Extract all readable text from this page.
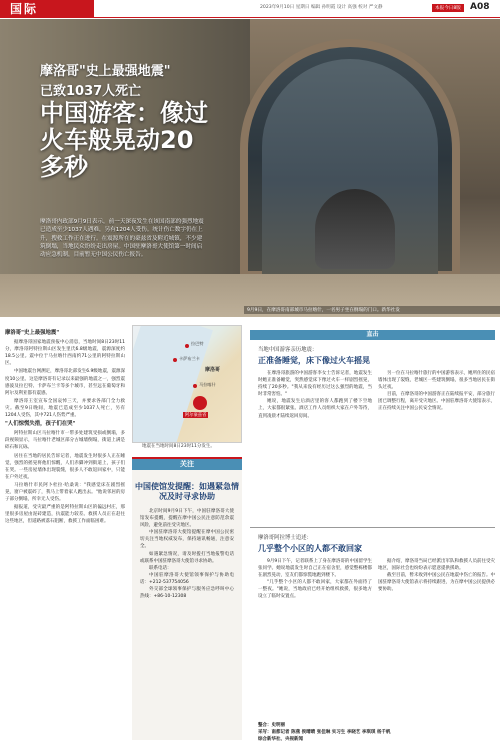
国际	2023年9月10日 星期日 编辑 孙明霞 设计 高强 校对 严文静	本报今日8版	A08
摩洛哥"史上最强地震"
已致1037人死亡
中国游客：像过火车般晃动20多秒
摩洛哥内政部9月9日表示，前一天深夜发生在该国南部的强烈地震已造成至少1037人遇难，另有1204人受伤。统计伤亡数字仍在上升，搜救工作正在进行。在震源所在的豪兹省及附近城镇，不少建筑倒塌，当地民众纷纷走出房屋。中国驻摩洛哥大使馆第一时间启动应急机制，目前暂无中国公民伤亡报告。
9月9日，在摩洛哥南部城市马拉喀什，一名男子坐在倒塌的门口。新华社发
摩洛哥"史上最强地震"

据摩洛哥国家地震预报中心消息，当地时间8日23时11分，摩洛哥阿特拉斯山区发生里氏6.8级地震，震源深度约18.5公里。震中位于马拉喀什西南约71公里的阿特拉斯山区。

中国地震台网测定，摩洛哥北部发生6.9级地震，震源深度10公里。这是摩洛哥有记录以来最强的地震之一，强烈震感波及拉巴特、卡萨布兰卡等多个城市，甚至远在葡萄牙和阿尔及利亚都有震感。

摩洛哥王室宣布全国哀悼三天，并要求各部门全力救灾。截至9日晚间，地震已造成至少1037人死亡，另有1204人受伤，其中721人伤势严重。

"人们惊慌失措，孩子们在哭"

阿特拉斯山区马拉喀什市一带多处建筑受损或倒塌，多段视频显示，马拉喀什老城区部分古城墙倒塌，街道上满是碎石和瓦砾。

居住在当地的居民告诉记者，地震发生时很多人正在睡觉，强烈的摇晃将他们惊醒，人们赤脚冲到街道上，孩子们在哭。一些房屋墙体出现裂缝，很多人不敢返回家中，只能在户外过夜。

马拉喀什市民阿卜杜拉·哈桑说："我感觉床在剧烈摇晃，窗户被震碎了，我马上带着家人跑出去。"他说邻居的房子部分倒塌，所幸无人受伤。

据报道，受灾最严重的是阿特拉斯山区的偏远村庄，那里很多房屋由泥砖建造，抗震能力较差。救援人员正在赶往这些地区，但道路被落石阻断，救援工作面临困难。

拉巴特
卡萨布兰卡
马拉喀什
摩洛哥
阿尔豪兹省
地震在当地时间8日23时11分发生。
关注
中国使馆发提醒：如遇紧急情况及时寻求协助

北京时间9月9日下午，中国驻摩洛哥大使馆发布提醒，提醒在摩中国公民注意防范余震风险，避免前往受灾地区。

中国驻摩洛哥大使馆提醒在摩中国公民密切关注当地权威发布，保持通讯畅通，注意安全。

如遇紧急情况，请及时拨打当地报警电话或联系中国驻摩洛哥大使馆寻求协助。

联系电话：

中国驻摩洛哥大使馆领事保护与协助电话：+212-537754056

外交部全球领事保护与服务应急呼叫中心热线：+86-10-12308

直击
当地中国游客亲历地震：
正准备睡觉，床下像过火车摇晃

在摩洛哥旅游的中国游客李女士告诉记者，地震发生时她正准备睡觉，突然感觉床下像过火车一样剧烈摇晃，持续了20多秒。"我从来没有经历过这么强烈的地震，当时非常害怕。"

她说，地震发生后酒店里的客人都跑到了楼下空地上，大家都很紧张。酒店工作人员组织大家在户外等待，直到凌晨才陆续返回房间。

另一位在马拉喀什旅行的中国游客表示，她所住的民宿墙体出现了裂缝，老城区一些建筑倒塌，很多当地居民在街头过夜。

目前，在摩洛哥的中国游客正在陆续报平安，部分旅行团已调整行程，离开受灾地区。中国驻摩洛哥大使馆表示，正在持续关注中国公民安全情况。

摩洛哥阿拉博士追述：
几乎整个小区的人都不敢回家

9月9日下午，记者联系上了身在摩洛哥的中国留学生张同学。她说地震发生时自己正在宿舍里，感觉整栋楼都在剧烈晃动，室友们都惊慌地跑到楼下。

"几乎整个小区的人都不敢回家，大家都在外面待了一整夜。"她说，当地政府已经开始组织救援，很多地方设立了临时安置点。

据介绍，摩洛哥当局已经派出军队和救援人员前往受灾地区，国际社会也纷纷表示愿意提供援助。

截至目前，暂未收到中国公民在地震中伤亡的报告。中国驻摩洛哥大使馆表示将持续跟进，为在摩中国公民提供必要协助。

整合：史明丽
采写：南都记者 陈燕 侯晴晴 张佳琳 实习生 李晓艺 李琪琪 杨千帆
综合新华社、央视新闻
